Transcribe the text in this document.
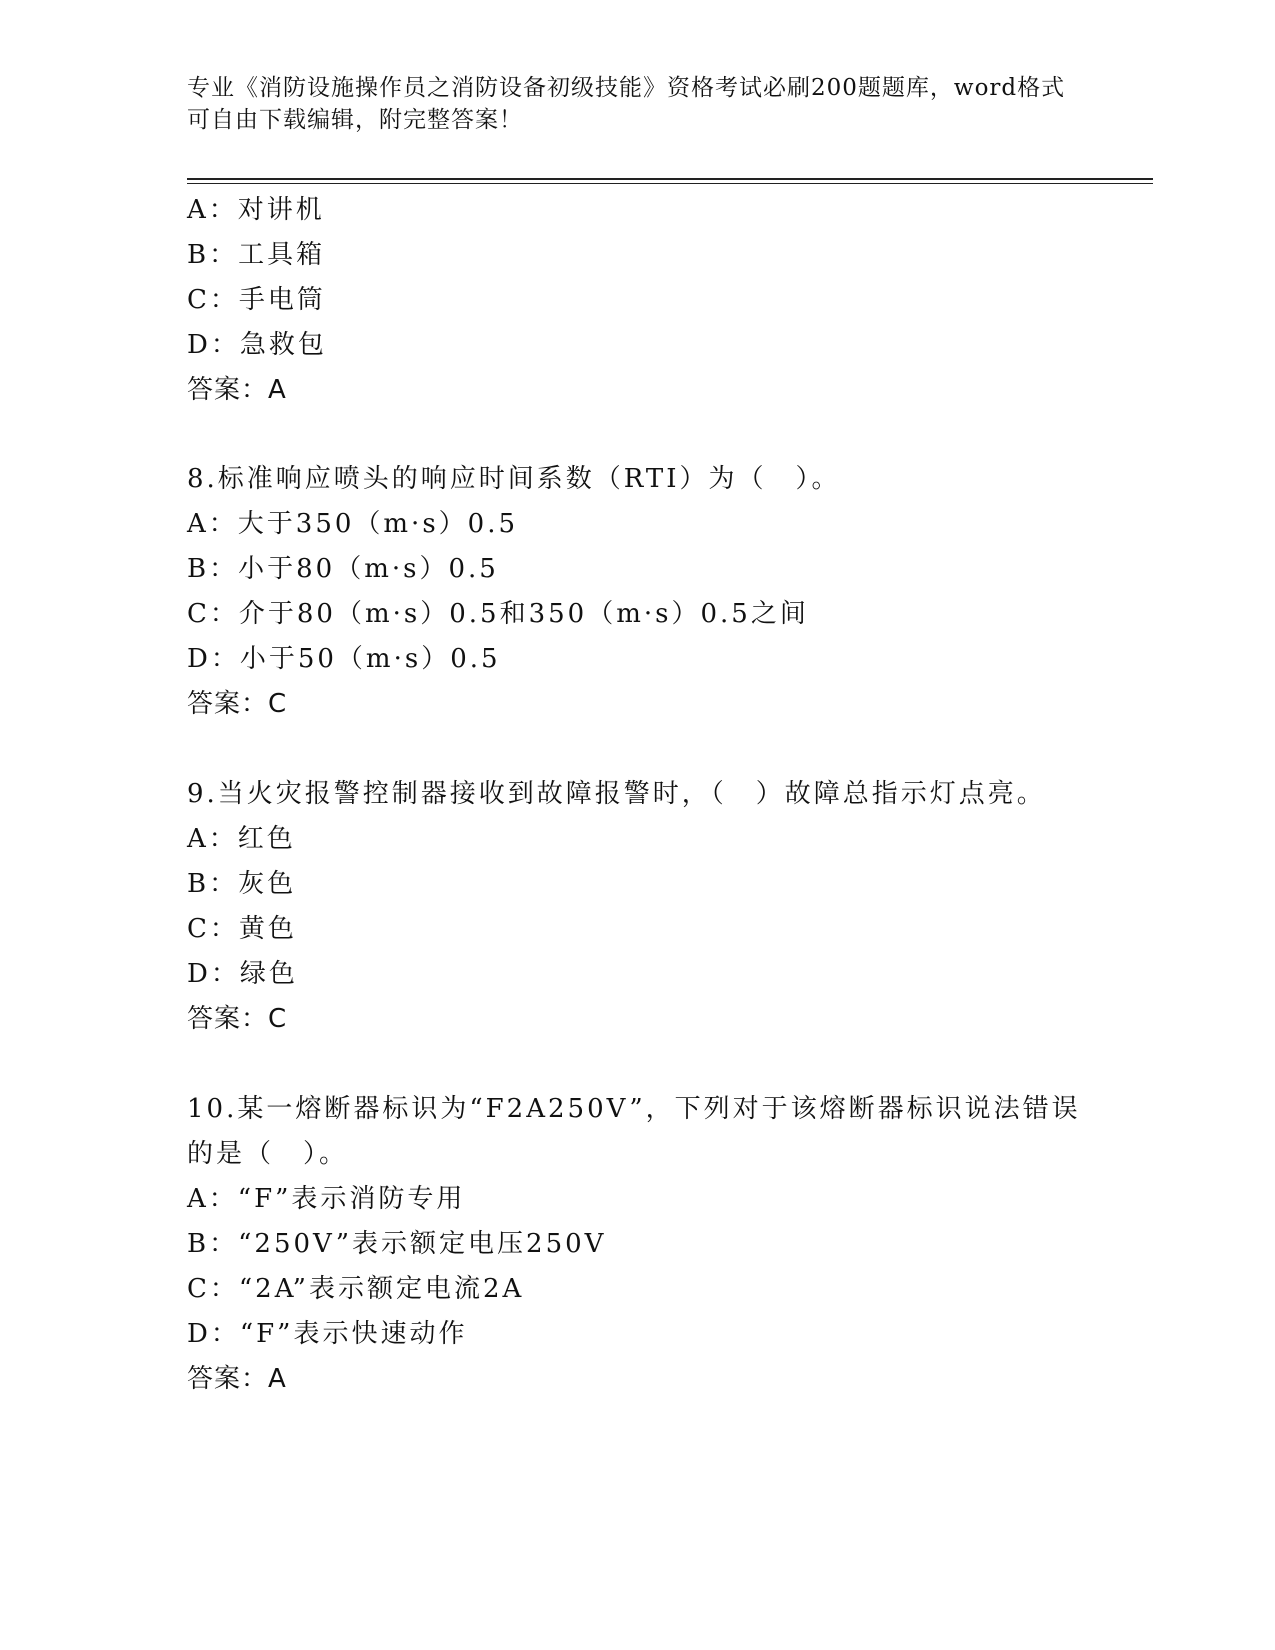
专业《消防设施操作员之消防设备初级技能》资格考试必刷200题题库，word格式可自由下载编辑，附完整答案！
A：对讲机
B：工具箱
C：手电筒
D：急救包
答案：A
8.标准响应喷头的响应时间系数（RTI）为（　）。
A：大于350（m·s）0.5
B：小于80（m·s）0.5
C：介于80（m·s）0.5和350（m·s）0.5之间
D：小于50（m·s）0.5
答案：C
9.当火灾报警控制器接收到故障报警时，（　）故障总指示灯点亮。
A：红色
B：灰色
C：黄色
D：绿色
答案：C
10.某一熔断器标识为“F2A250V”，下列对于该熔断器标识说法错误
的是（　）。
A：“F”表示消防专用
B：“250V”表示额定电压250V
C：“2A”表示额定电流2A
D：“F”表示快速动作
答案：A
